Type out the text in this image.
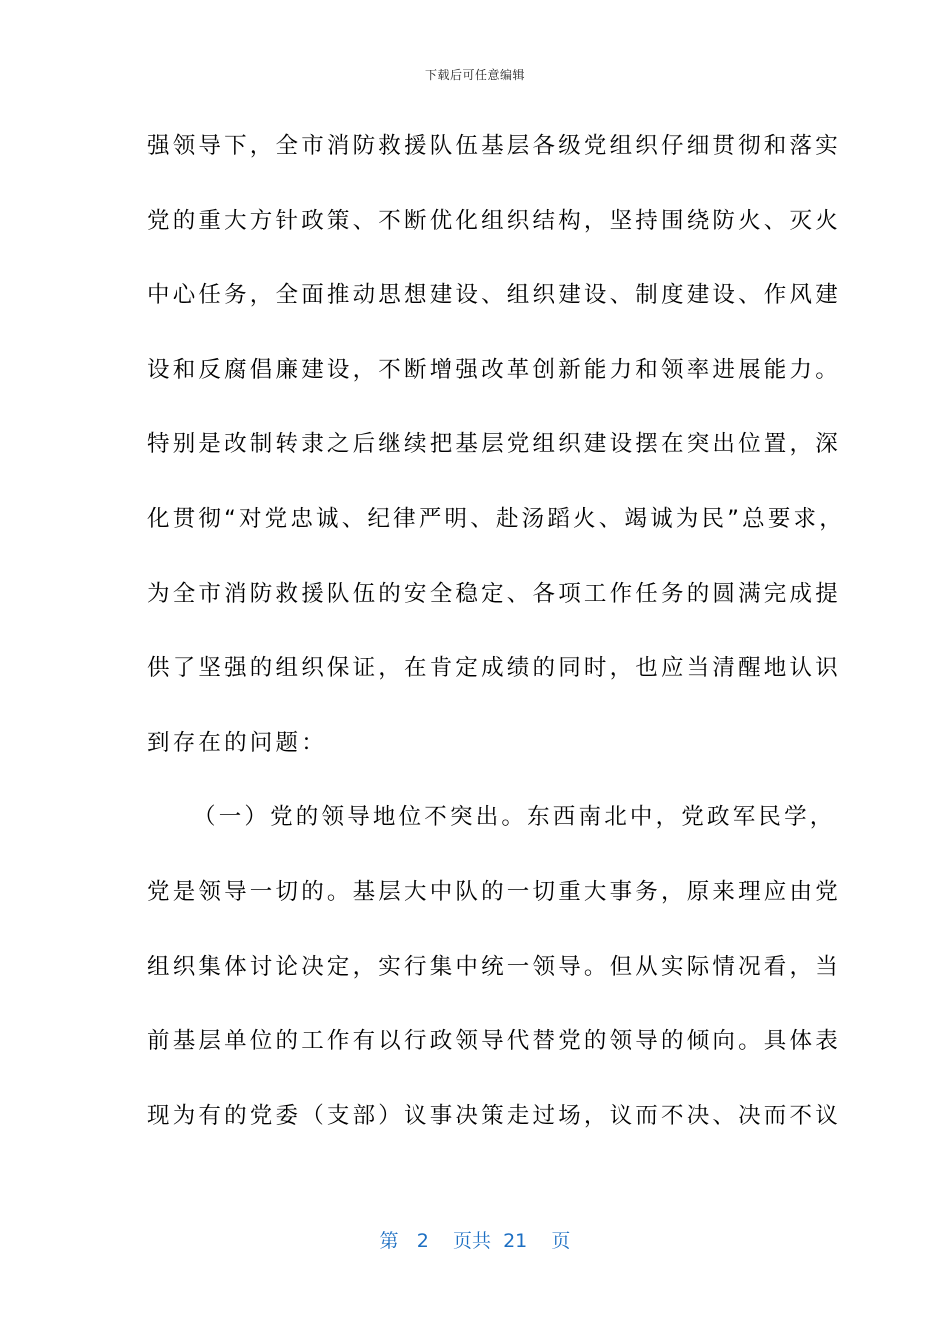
下载后可任意编辑
强领导下，全市消防救援队伍基层各级党组织仔细贯彻和落实
党的重大方针政策、不断优化组织结构，坚持围绕防火、灭火
中心任务，全面推动思想建设、组织建设、制度建设、作风建
设和反腐倡廉建设，不断增强改革创新能力和领率进展能力。
特别是改制转隶之后继续把基层党组织建设摆在突出位置，深
化贯彻“对党忠诚、纪律严明、赴汤蹈火、竭诚为民”总要求，
为全市消防救援队伍的安全稳定、各项工作任务的圆满完成提
供了坚强的组织保证，在肯定成绩的同时，也应当清醒地认识
到存在的问题：
（一）党的领导地位不突出。东西南北中，党政军民学，
党是领导一切的。基层大中队的一切重大事务，原来理应由党
组织集体讨论决定，实行集中统一领导。但从实际情况看，当
前基层单位的工作有以行政领导代替党的领导的倾向。具体表
现为有的党委（支部）议事决策走过场，议而不决、决而不议
第 2 页共 21 页
